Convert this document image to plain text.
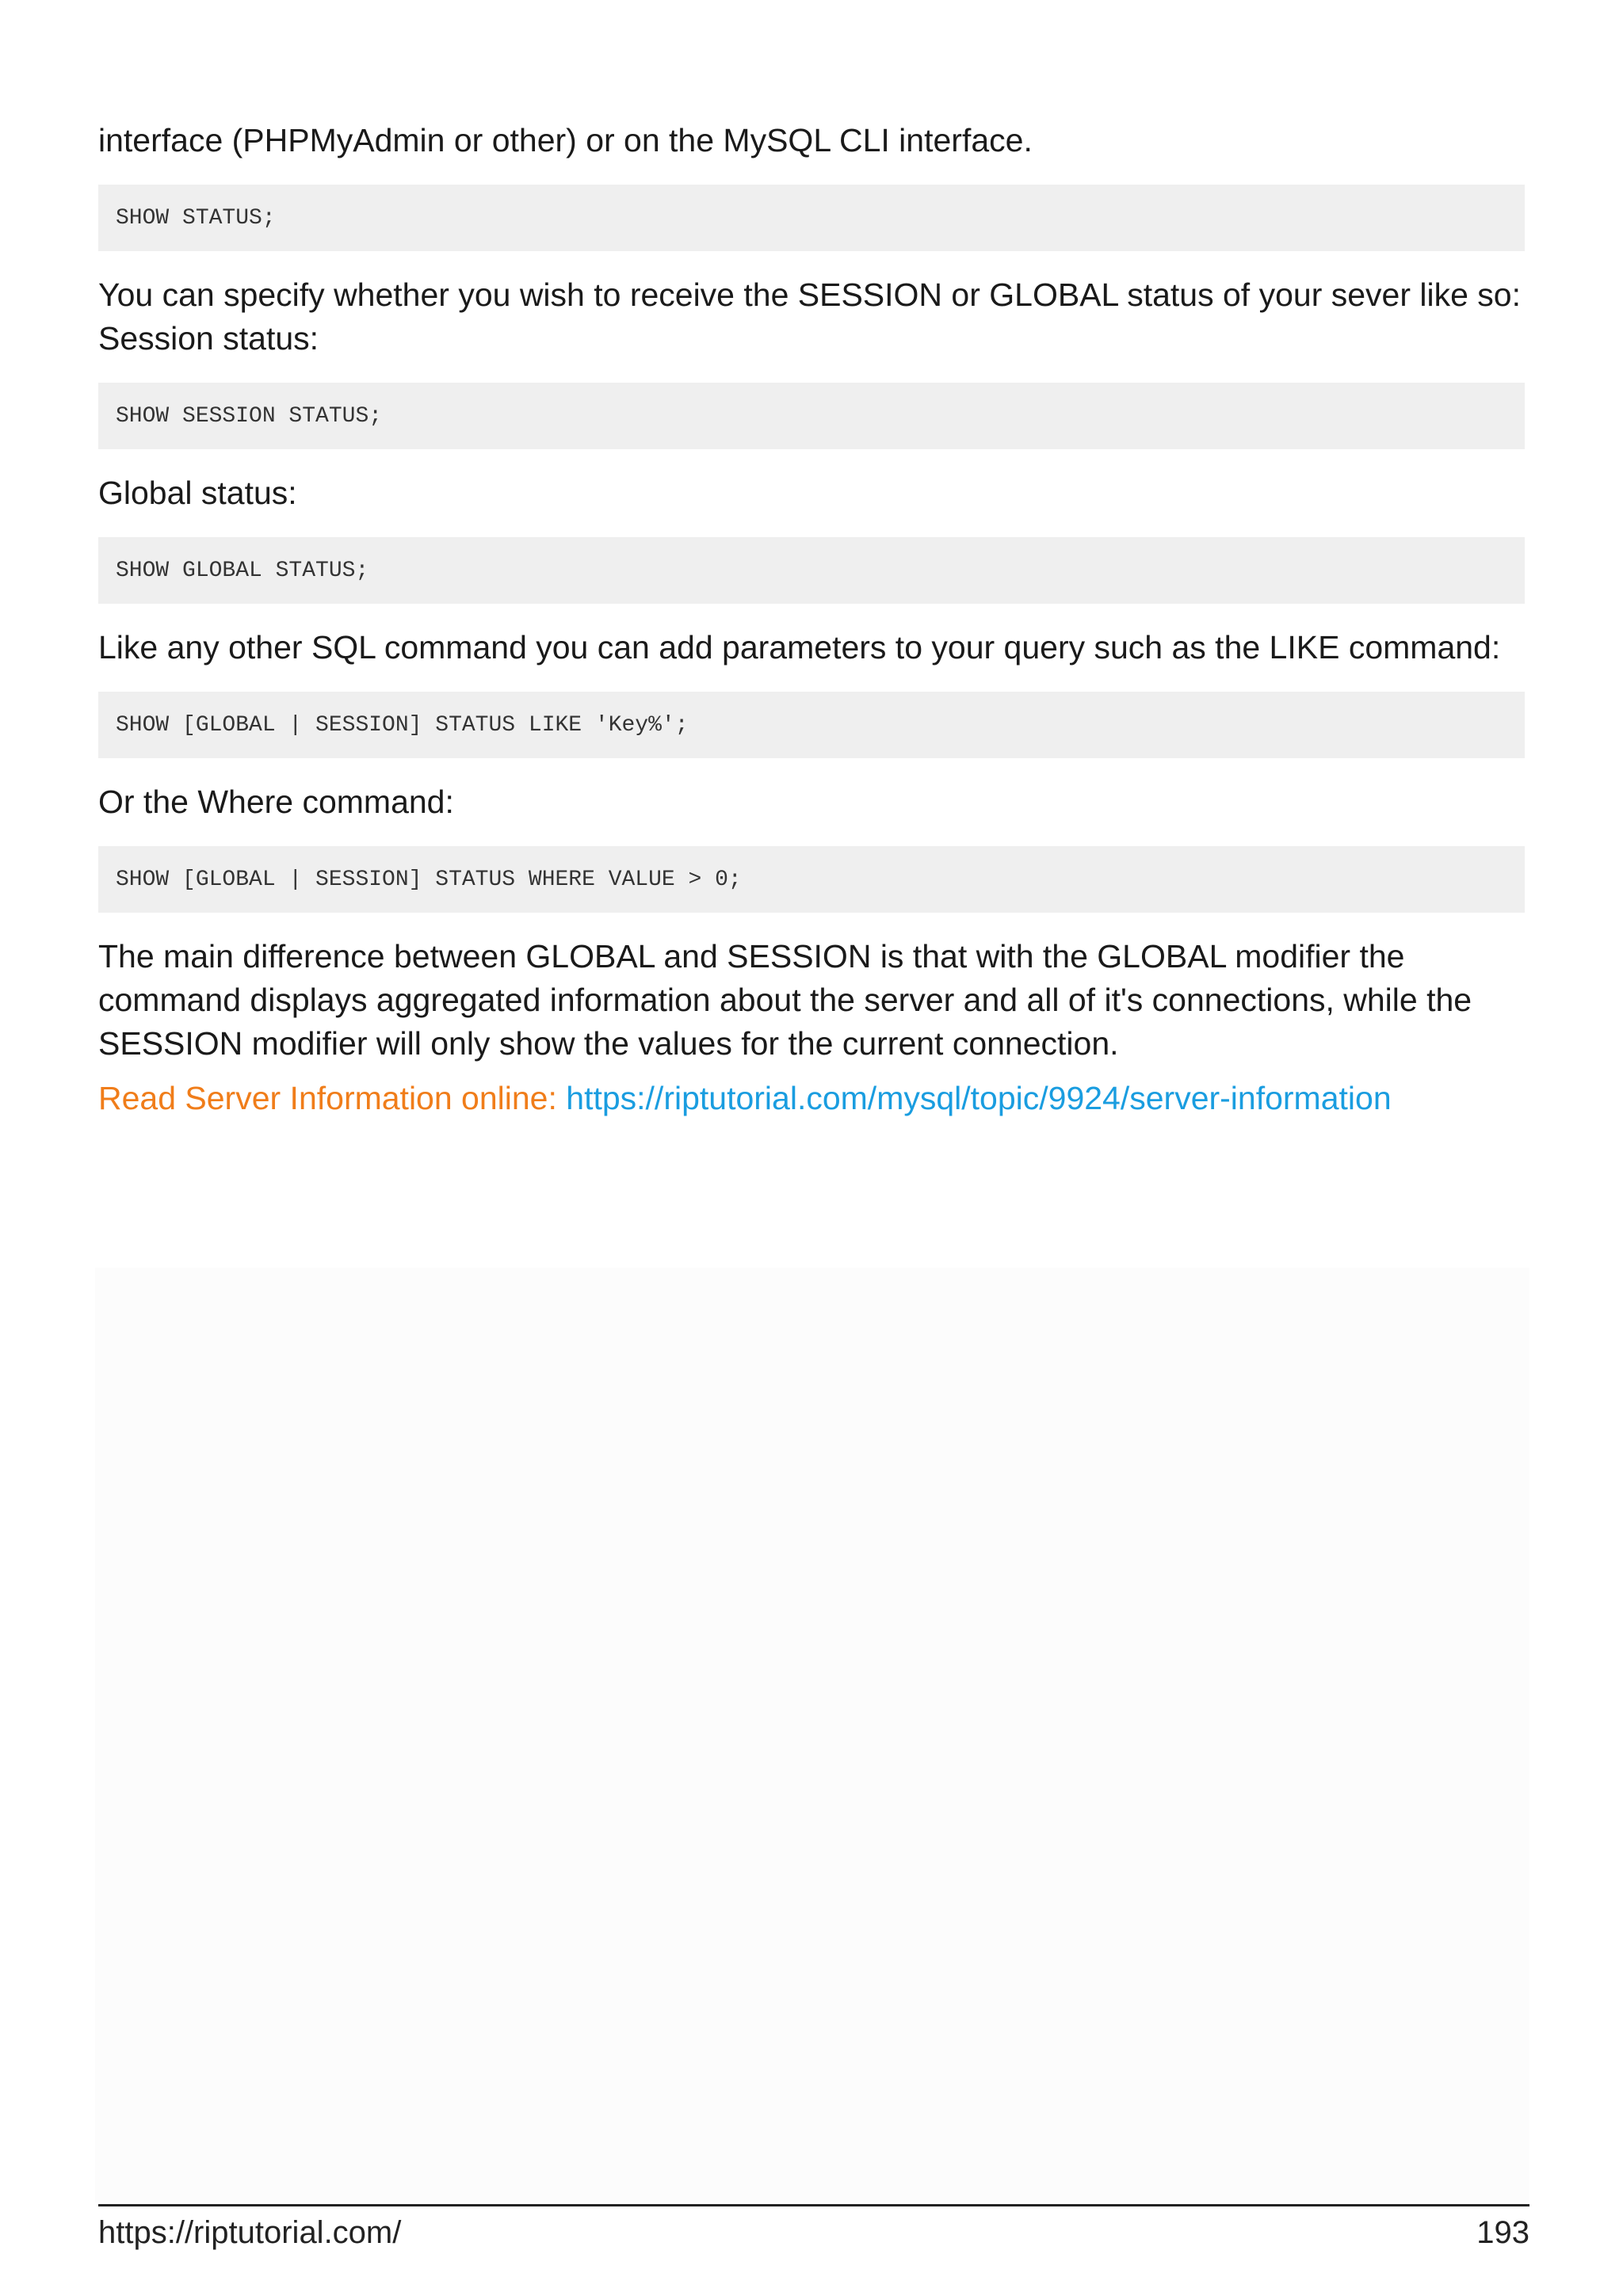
interface (PHPMyAdmin or other) or on the MySQL CLI interface.

SHOW STATUS;

You can specify whether you wish to receive the SESSION or GLOBAL status of your sever like so: Session status:

SHOW SESSION STATUS;

Global status:

SHOW GLOBAL STATUS;

Like any other SQL command you can add parameters to your query such as the LIKE command:

SHOW [GLOBAL | SESSION] STATUS LIKE 'Key%';

Or the Where command:

SHOW [GLOBAL | SESSION] STATUS WHERE VALUE > 0;

The main difference between GLOBAL and SESSION is that with the GLOBAL modifier the command displays aggregated information about the server and all of it's connections, while the SESSION modifier will only show the values for the current connection.

Read Server Information online: https://riptutorial.com/mysql/topic/9924/server-information

https://riptutorial.com/	193
